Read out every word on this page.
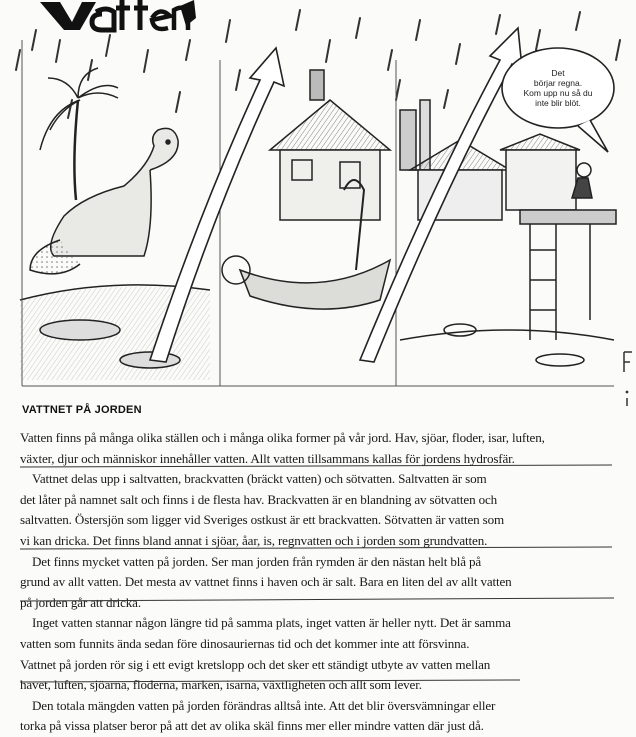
Det
börjar regna.
Kom upp nu så du
inte blir blöt.
VATTNET PÅ JORDEN
Vatten finns på många olika ställen och i många olika former på vår jord. Hav, sjöar, floder, isar, luften,
växter, djur och människor innehåller vatten. Allt vatten tillsammans kallas för jordens hydrosfär.
Vattnet delas upp i saltvatten, brackvatten (bräckt vatten) och sötvatten. Saltvatten är som
det låter på namnet salt och finns i de flesta hav. Brackvatten är en blandning av sötvatten och
saltvatten. Östersjön som ligger vid Sveriges ostkust är ett brackvatten. Sötvatten är vatten som
vi kan dricka. Det finns bland annat i sjöar, åar, is, regnvatten och i jorden som grundvatten.
Det finns mycket vatten på jorden. Ser man jorden från rymden är den nästan helt blå på
grund av allt vatten. Det mesta av vattnet finns i haven och är salt. Bara en liten del av allt vatten
på jorden går att dricka.
Inget vatten stannar någon längre tid på samma plats, inget vatten är heller nytt. Det är samma
vatten som funnits ända sedan före dinosauriernas tid och det kommer inte att försvinna.
Vattnet på jorden rör sig i ett evigt kretslopp och det sker ett ständigt utbyte av vatten mellan
havet, luften, sjöarna, floderna, marken, isarna, växtligheten och allt som lever.
Den totala mängden vatten på jorden förändras alltså inte. Att det blir översvämningar eller
torka på vissa platser beror på att det av olika skäl finns mer eller mindre vatten där just då.
